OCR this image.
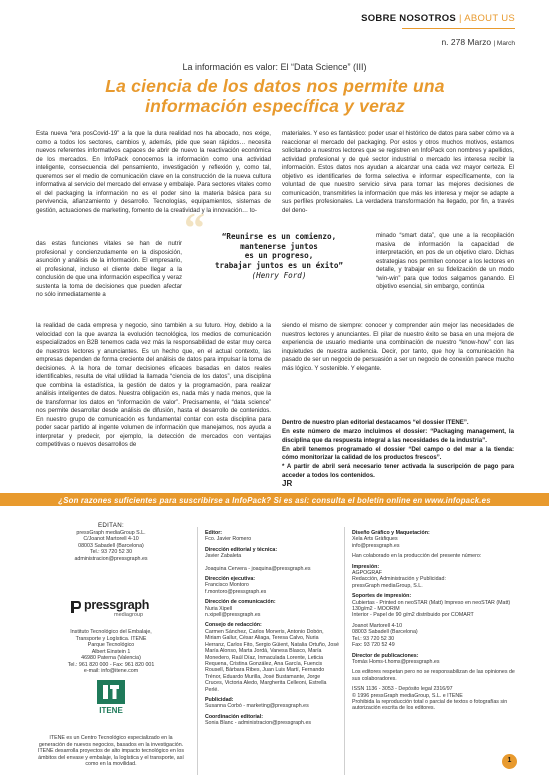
SOBRE NOSOTROS | ABOUT US
n. 278 Marzo | March
La información es valor: El “Data Science” (III)
La ciencia de los datos nos permite una
información específica y veraz

Esta nueva “era posCovid-19” a la que la dura realidad nos ha abocado, nos exige, como a todos los sectores, cambios y, además, pide que sean rápidos… necesita nuevos referentes informativos capaces de abrir de nuevo la reactivación económica de los mercados. En InfoPack conocemos la información como una actividad inteligente, consecuencia del pensamiento, investigación y reflexión y, como tal, queremos ser el medio de comunicación clave en la construcción de la nueva cultura informativa al servicio del mercado del envase y embalaje. Para sectores vitales como el del packaging la información no es el poder sino la materia básica para su pervivencia, afianzamiento y desarrollo. Tecnologías, equipamientos, sistemas de gestión, actuaciones de marketing, fomento de la creatividad y la innovación… to-

das estas funciones vitales se han de nutrir profesional y concienzudamente en la disposición, asunción y análisis de la información. El empresario, el profesional, incluso el cliente debe llegar a la conclusión de que una información específica y veraz sustenta la toma de decisiones que pueden afectar no sólo inmediatamente a

la realidad de cada empresa y negocio, sino también a su futuro. Hoy, debido a la velocidad con la que avanza la evolución tecnológica, los medios de comunicación especializados en B2B tenemos cada vez más la responsabilidad de estar muy cerca de nuestros lectores y anunciantes. Es un hecho que, en el actual contexto, las empresas dependen de forma creciente del análisis de datos para impulsar la toma de decisiones. A la hora de tomar decisiones eficaces basadas en datos reales identificables, resulta de vital utilidad la llamada “ciencia de los datos”, una disciplina que combina la estadística, la gestión de datos y la programación, para realizar análisis inteligentes de datos. Nuestra obligación es, nada más y nada menos, que la de transformar los datos en “información de valor”. Precisamente, el “data science” nos permite desarrollar desde análisis de difusión, hasta el desarrollo de contenidos. En nuestro grupo de comunicación es fundamental contar con esta disciplina para poder sacar partido al ingente volumen de información que manejamos, nos ayuda a interpretar y predecir, por ejemplo, la detección de mercados con ventajas competitivas o nuevos desarrollos de

materiales. Y eso es fantástico: poder usar el histórico de datos para saber cómo va a reaccionar el mercado del packaging. Por estos y otros muchos motivos, estamos solicitando a nuestros lectores que se registren en InfoPack con nombres y apellidos, actividad profesional y de qué sector industrial o mercado les interesa recibir la información. Estos datos nos ayudan a alcanzar una cada vez mayor certeza. El objetivo es identificarles de forma selectiva e informar específicamente, con la voluntad de que nuestro servicio sirva para tomar las mejores decisiones de comunicación, transmitirles la información que más les interesa y mejor se adapte a sus perfiles profesionales. La verdadera transformación ha llegado, por fin, a través del deno-

minado “smart data”, que une a la recopilación masiva de información la capacidad de interpretación, en pos de un objetivo claro. Dichas estrategias nos permiten conocer a los lectores en detalle, y trabajar en su fidelización de un modo “win-win” para que todos salgamos ganando. El objetivo esencial, sin embargo, continúa

siendo el mismo de siempre: conocer y comprender aún mejor las necesidades de nuestros lectores y anunciantes. El pilar de nuestro éxito se basa en una mejora de experiencia de usuario mediante una combinación de nuestro “know-how” con las inquietudes de nuestra audiencia. Decir, por tanto, que hoy la comunicación ha pasado de ser un negocio de persuasión a ser un negocio de conexión parece mucho más lógico. Y sostenible. Y elegante.

“Reunirse es un comienzo,
mantenerse juntos
es un progreso,
trabajar juntos es un éxito”
(Henry Ford)

Dentro de nuestro plan editorial destacamos “el dossier ITENE”.

En este número de marzo incluimos el dossier: “Packaging management, la disciplina que da respuesta integral a las necesidades de la industria”.

En abril tenemos programado el dossier “Del campo o del mar a la tienda: cómo monitorizar la calidad de los productos frescos”.

* A partir de abril será necesario tener activada la suscripción de pago para acceder a todos los contenidos.

JR
¿Son razones suficientes para suscribirse a InfoPack? Si es así: consulta el boletín online en www.infopack.es
EDITAN:
pressGraph mediaGroup S.L.
C/Joanot Martorell 4-10
08003 Sabadell (Barcelona)
Tel.: 93 720 52 30
administracion@pressgraph.es
pressgraph
mediagroup
Instituto Tecnológico del Embalaje,
Transporte y Logística. ITENE
Parque Tecnológico
Albert Einstein 1
46980 Paterna (Valencia)
Tel.: 961 820 000 - Fax: 961 820 001
e-mail: info@itene.com
ITENE
ITENE es un Centro Tecnológico especializado en la generación de nuevos negocios, basados en la investigación. ITENE desarrolla proyectos de alto impacto tecnológico en los ámbitos del envase y embalaje, la logística y el transporte, así como en la movilidad.
Editor:
Fco. Javier Romero
Dirección editorial y técnica:
Javier Zabaleta
Joaquina Cervera - joaquina@pressgraph.es
Dirección ejecutiva:
Francisco Montoro
f.montoro@pressgraph.es
Dirección de comunicación:
Nuria Xipell
n.xipell@pressgraph.es
Consejo de redacción:
Carmen Sánchez, Carlos Moneris, Antonio Dobón, Miriam Gallur, César Aliaga, Teresa Calvo, Nuria Herranz, Carlos Fito, Sergio Güient, Natalia Ortuño, José María Alonso, Marta Jordá, Vanesa Blasco, María Monedero, Raúl Díaz, Inmaculada Lorente, Leticia Requena, Cristina González, Ana García, Fuencis Rousell, Bárbara Ribes, Juan Luis Martí, Fernando Trénor, Eduardo Murilla, José Bustamante, Jorge Cruces, Victoria Aledo, Margherita Celleoni, Estrella Perlé.
Publicidad:
Susanna Corbó - marketing@pressgraph.es
Coordinación editorial:
Sonia Blanc - administracion@pressgraph.es
Diseño Gráfico y Maquetación:
Xela Arts Gràfiques
info@pressgraph.es
Han colaborado en la producción del presente número:
Impresión:
AGPOGRAF
Redacción, Administración y Publicidad:
pressGraph mediaGroup, S.L.
Soportes de impresión:
Cubiertas - Printed on neoSTAR (Matt) Impreso en neoSTAR (Matt) 130g/m2 - MOORIM
Interior - Papel de 90 g/m2 distribuido por COMART
Joanot Martorell 4-10
08003 Sabadell (Barcelona)
Tel.: 93 720 52 30
Fax: 93 720 52 49
Director de publicaciones:
Tomás Homs-t.homs@pressgraph.es
Los editores respetan pero no se responsabilizan de las opiniones de sus colaboradores.
ISSN 1136 - 3053 - Depósito legal 2316/97
© 1996 pressGraph mediaGroup, S.L. e ITENE
Prohibida la reproducción total o parcial de textos o fotografías sin autorización escrita de los editores.
1
